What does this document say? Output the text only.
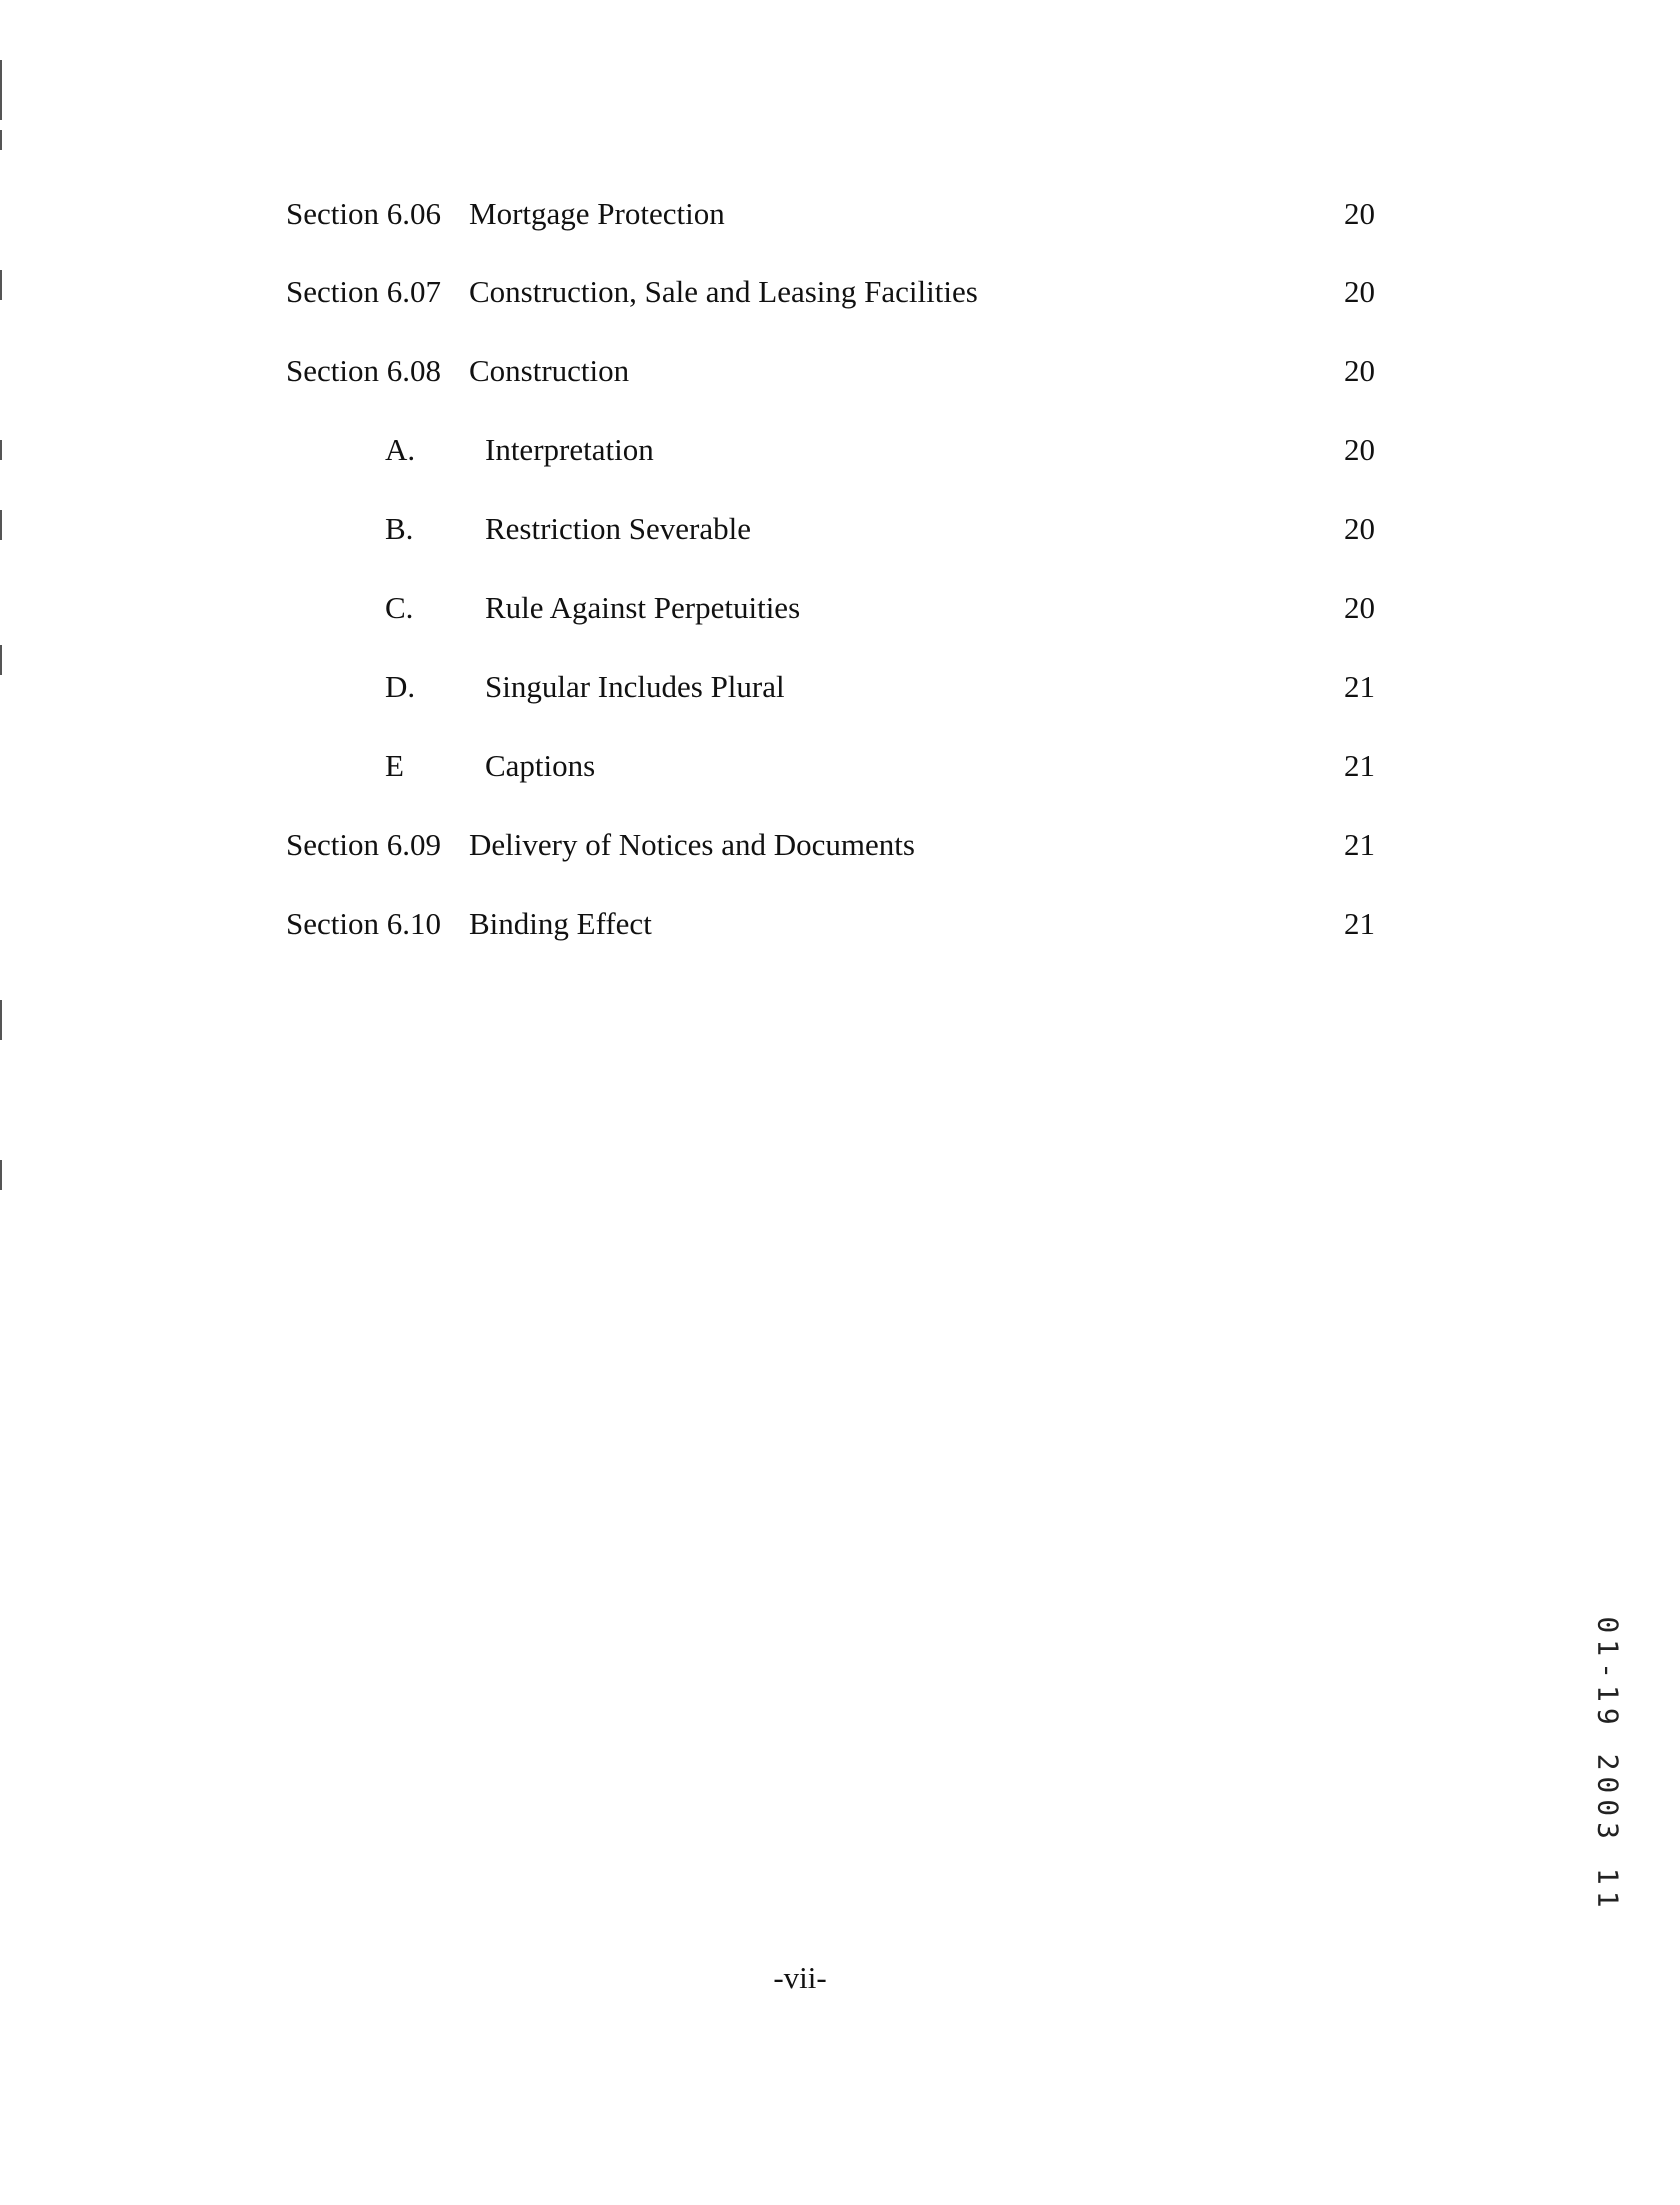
Section 6.06 Mortgage Protection	20
Section 6.07 Construction, Sale and Leasing Facilities	20
Section 6.08 Construction	20
A. Interpretation	20
B. Restriction Severable	20
C. Rule Against Perpetuities	20
D. Singular Includes Plural	21
E	Captions	21
Section 6.09 Delivery of Notices and Documents	21
Section 6.10 Binding Effect	21
01-19 2003 11
-vii-
